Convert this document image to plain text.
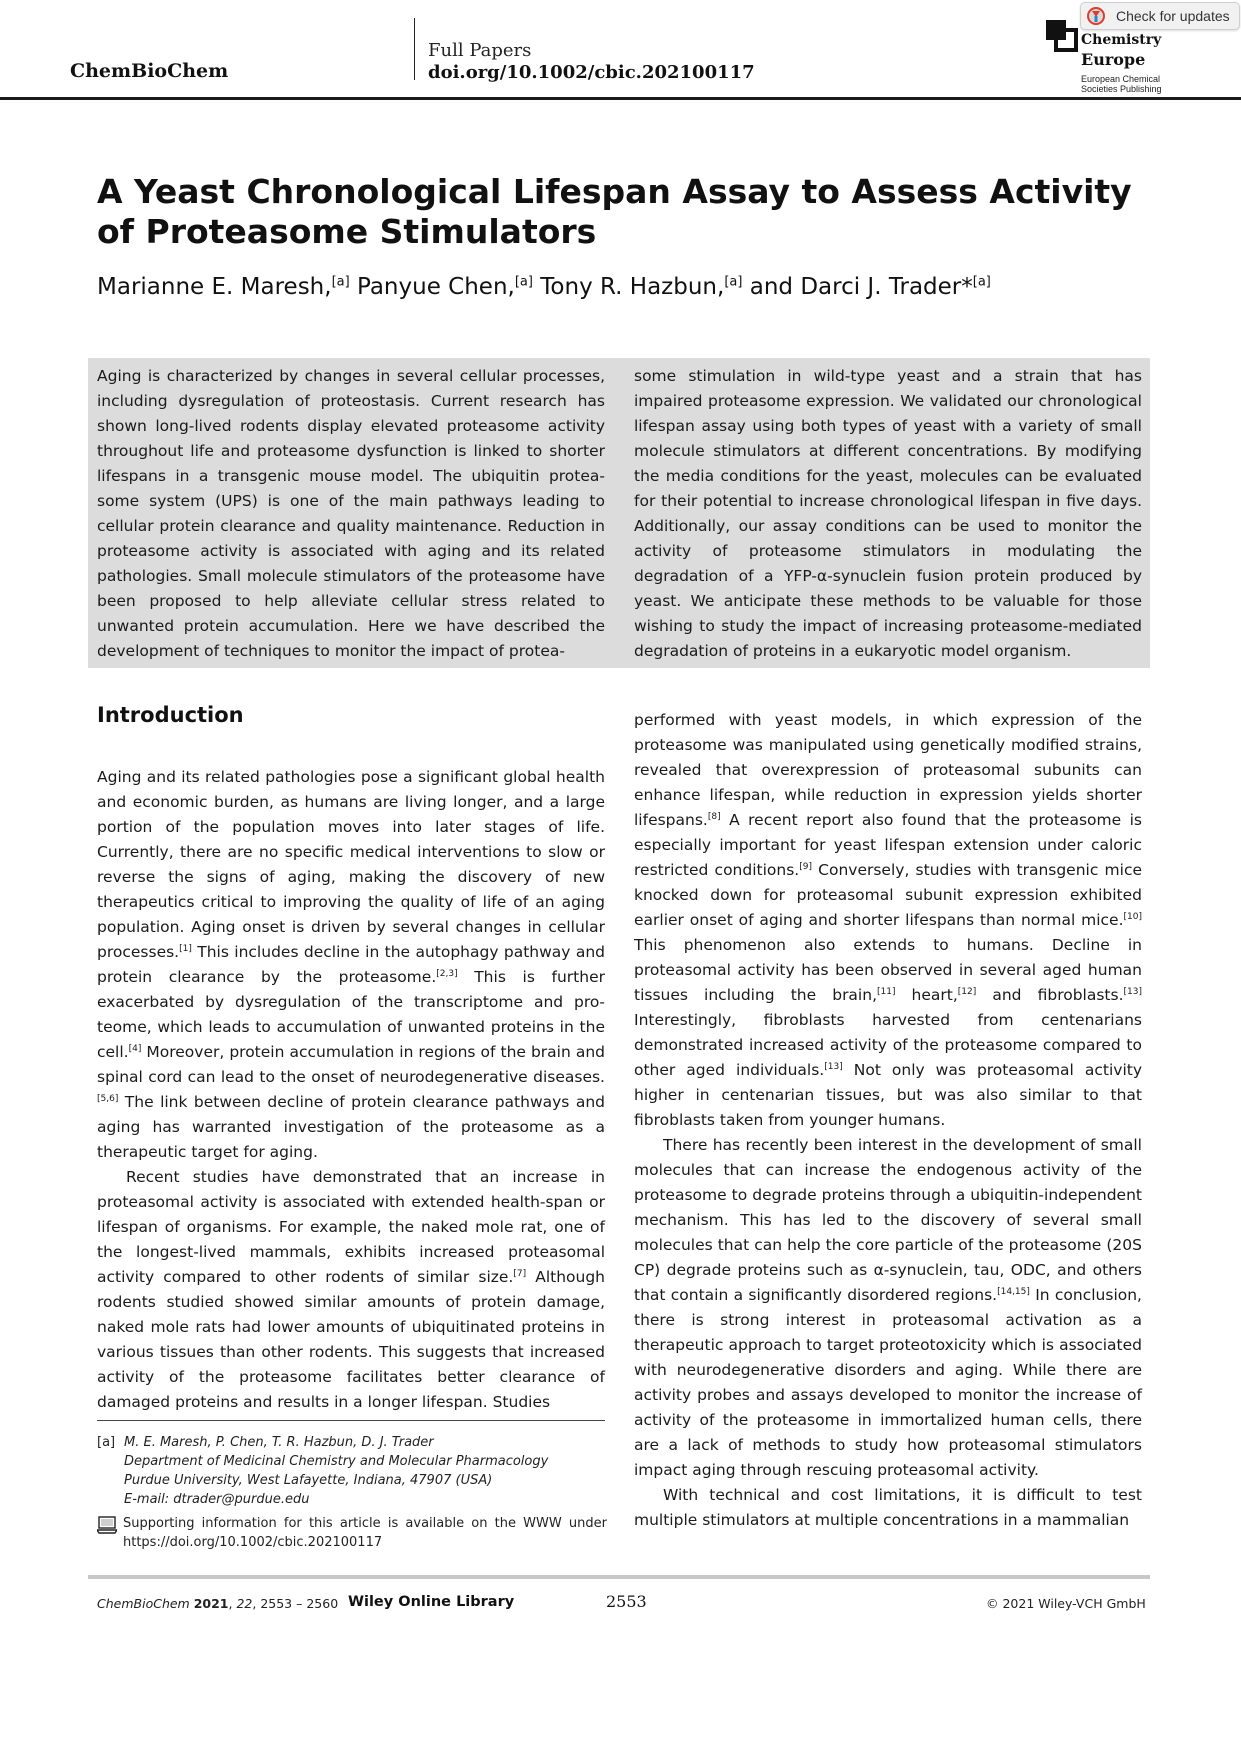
ChemBioChem
Full Papers
doi.org/10.1002/cbic.202100117
Chemistry
Europe
European Chemical Societies Publishing
Check for updates
A Yeast Chronological Lifespan Assay to Assess Activity of Proteasome Stimulators
Marianne E. Maresh,[a] Panyue Chen,[a] Tony R. Hazbun,[a] and Darci J. Trader*[a]
Aging is characterized by changes in several cellular processes, including dysregulation of proteostasis. Current research has shown long-lived rodents display elevated proteasome activity throughout life and proteasome dysfunction is linked to shorter lifespans in a transgenic mouse model. The ubiquitin proteasome system (UPS) is one of the main pathways leading to cellular protein clearance and quality maintenance. Reduction in proteasome activity is associated with aging and its related pathologies. Small molecule stimulators of the proteasome have been proposed to help alleviate cellular stress related to unwanted protein accumulation. Here we have described the development of techniques to monitor the impact of protea-
some stimulation in wild-type yeast and a strain that has impaired proteasome expression. We validated our chronological lifespan assay using both types of yeast with a variety of small molecule stimulators at different concentrations. By modifying the media conditions for the yeast, molecules can be evaluated for their potential to increase chronological lifespan in five days. Additionally, our assay conditions can be used to monitor the activity of proteasome stimulators in modulating the degradation of a YFP-α-synuclein fusion protein produced by yeast. We anticipate these methods to be valuable for those wishing to study the impact of increasing proteasome-mediated degradation of proteins in a eukaryotic model organism.
Introduction

Aging and its related pathologies pose a significant global health and economic burden, as humans are living longer, and a large portion of the population moves into later stages of life. Currently, there are no specific medical interventions to slow or reverse the signs of aging, making the discovery of new therapeutics critical to improving the quality of life of an aging population. Aging onset is driven by several changes in cellular processes.[1] This includes decline in the autophagy pathway and protein clearance by the proteasome.[2,3] This is further exacerbated by dysregulation of the transcriptome and proteome, which leads to accumulation of unwanted proteins in the cell.[4] Moreover, protein accumulation in regions of the brain and spinal cord can lead to the onset of neurodegenerative diseases.[5,6] The link between decline of protein clearance pathways and aging has warranted investigation of the proteasome as a therapeutic target for aging.

Recent studies have demonstrated that an increase in proteasomal activity is associated with extended health-span or lifespan of organisms. For example, the naked mole rat, one of the longest-lived mammals, exhibits increased proteasomal activity compared to other rodents of similar size.[7] Although rodents studied showed similar amounts of protein damage, naked mole rats had lower amounts of ubiquitinated proteins in various tissues than other rodents. This suggests that increased activity of the proteasome facilitates better clearance of damaged proteins and results in a longer lifespan. Studies

performed with yeast models, in which expression of the proteasome was manipulated using genetically modified strains, revealed that overexpression of proteasomal subunits can enhance lifespan, while reduction in expression yields shorter lifespans.[8] A recent report also found that the proteasome is especially important for yeast lifespan extension under caloric restricted conditions.[9] Conversely, studies with transgenic mice knocked down for proteasomal subunit expression exhibited earlier onset of aging and shorter lifespans than normal mice.[10] This phenomenon also extends to humans. Decline in proteasomal activity has been observed in several aged human tissues including the brain,[11] heart,[12] and fibroblasts.[13] Interestingly, fibroblasts harvested from centenarians demonstrated increased activity of the proteasome compared to other aged individuals.[13] Not only was proteasomal activity higher in centenarian tissues, but was also similar to that fibroblasts taken from younger humans.

There has recently been interest in the development of small molecules that can increase the endogenous activity of the proteasome to degrade proteins through a ubiquitin-independent mechanism. This has led to the discovery of several small molecules that can help the core particle of the proteasome (20S CP) degrade proteins such as α-synuclein, tau, ODC, and others that contain a significantly disordered regions.[14,15] In conclusion, there is strong interest in proteasomal activation as a therapeutic approach to target proteotoxicity which is associated with neurodegenerative disorders and aging. While there are activity probes and assays developed to monitor the increase of activity of the proteasome in immortalized human cells, there are a lack of methods to study how proteasomal stimulators impact aging through rescuing proteasomal activity.

With technical and cost limitations, it is difficult to test multiple stimulators at multiple concentrations in a mammalian

[a] M. E. Maresh, P. Chen, T. R. Hazbun, D. J. Trader
Department of Medicinal Chemistry and Molecular Pharmacology
Purdue University, West Lafayette, Indiana, 47907 (USA)
E-mail: dtrader@purdue.edu
Supporting information for this article is available on the WWW under https://doi.org/10.1002/cbic.202100117
ChemBioChem 2021, 22, 2553 – 2560 Wiley Online Library	2553	© 2021 Wiley-VCH GmbH
